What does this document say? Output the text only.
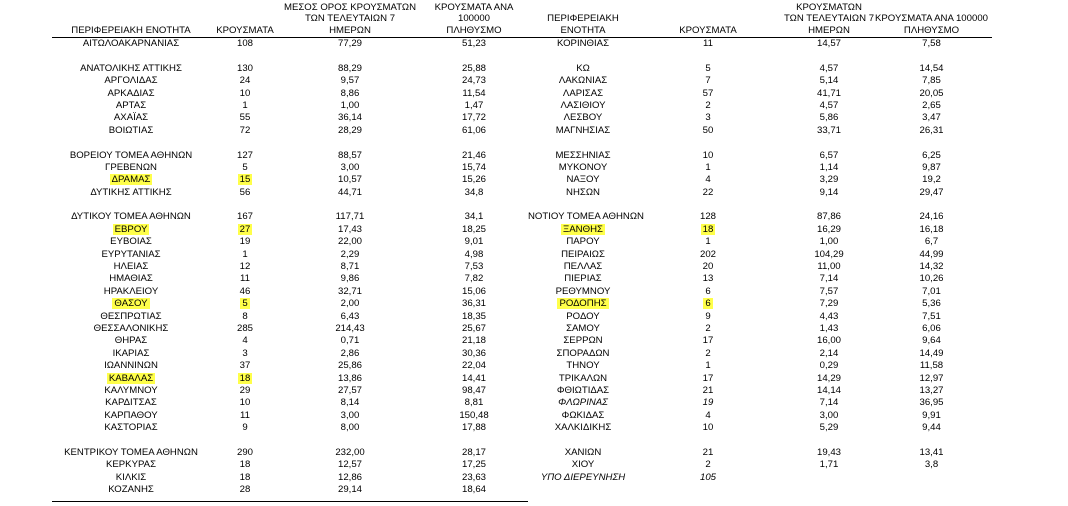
ΠΕΡΙΦΕΡΕΙΑΚΗ ΕΝΟΤΗΤΑ	ΚΡΟΥΣΜΑΤΑ
ΜΕΣΟΣ ΟΡΟΣ ΚΡΟΥΣΜΑΤΩΝ
ΤΩΝ ΤΕΛΕΥΤΑΙΩΝ 7
ΗΜΕΡΩΝ
ΚΡΟΥΣΜΑΤΑ ΑΝΑ 100000
ΠΛΗΘΥΣΜΟ
ΑΙΤΩΛΟΑΚΑΡΝΑΝΙΑΣ	108	77,29	51,23
ΑΝΑΤΟΛΙΚΗΣ ΑΤΤΙΚΗΣ	130	88,29	25,88
ΑΡΓΟΛΙΔΑΣ	24	9,57	24,73
ΑΡΚΑΔΙΑΣ	10	8,86	11,54
ΑΡΤΑΣ	1	1,00	1,47
ΑΧΑΪΑΣ	55	36,14	17,72
ΒΟΙΩΤΙΑΣ	72	28,29	61,06
ΒΟΡΕΙΟΥ ΤΟΜΕΑ ΑΘΗΝΩΝ	127	88,57	21,46
ΓΡΕΒΕΝΩΝ	5	3,00	15,74
ΔΡΑΜΑΣ	15	10,57	15,26
ΔΥΤΙΚΗΣ ΑΤΤΙΚΗΣ	56	44,71	34,8
ΔΥΤΙΚΟΥ ΤΟΜΕΑ ΑΘΗΝΩΝ	167	117,71	34,1
ΕΒΡΟΥ	27	17,43	18,25
ΕΥΒΟΙΑΣ	19	22,00	9,01
ΕΥΡΥΤΑΝΙΑΣ	1	2,29	4,98
ΗΛΕΙΑΣ	12	8,71	7,53
ΗΜΑΘΙΑΣ	11	9,86	7,82
ΗΡΑΚΛΕΙΟΥ	46	32,71	15,06
ΘΑΣΟΥ	5	2,00	36,31
ΘΕΣΠΡΩΤΙΑΣ	8	6,43	18,35
ΘΕΣΣΑΛΟΝΙΚΗΣ	285	214,43	25,67
ΘΗΡΑΣ	4	0,71	21,18
ΙΚΑΡΙΑΣ	3	2,86	30,36
ΙΩΑΝΝΙΝΩΝ	37	25,86	22,04
ΚΑΒΑΛΑΣ	18	13,86	14,41
ΚΑΛΥΜΝΟΥ	29	27,57	98,47
ΚΑΡΔΙΤΣΑΣ	10	8,14	8,81
ΚΑΡΠΑΘΟΥ	11	3,00	150,48
ΚΑΣΤΟΡΙΑΣ	9	8,00	17,88
ΚΕΝΤΡΙΚΟΥ ΤΟΜΕΑ ΑΘΗΝΩΝ	290	232,00	28,17
ΚΕΡΚΥΡΑΣ	18	12,57	17,25
ΚΙΛΚΙΣ	18	12,86	23,63
ΚΟΖΑΝΗΣ	28	29,14	18,64
ΠΕΡΙΦΕΡΕΙΑΚΗ ΕΝΟΤΗΤΑ	ΚΡΟΥΣΜΑΤΑ
ΚΡΟΥΣΜΑΤΩΝ
ΤΩΝ ΤΕΛΕΥΤΑΙΩΝ 7
ΗΜΕΡΩΝ
ΚΡΟΥΣΜΑΤΑ ΑΝΑ 100000
ΠΛΗΘΥΣΜΟ
ΚΟΡΙΝΘΙΑΣ	11	14,57	7,58
ΚΩ	5	4,57	14,54
ΛΑΚΩΝΙΑΣ	7	5,14	7,85
ΛΑΡΙΣΑΣ	57	41,71	20,05
ΛΑΣΙΘΙΟΥ	2	4,57	2,65
ΛΕΣΒΟΥ	3	5,86	3,47
ΜΑΓΝΗΣΙΑΣ	50	33,71	26,31
ΜΕΣΣΗΝΙΑΣ	10	6,57	6,25
ΜΥΚΟΝΟΥ	1	1,14	9,87
ΝΑΞΟΥ	4	3,29	19,2
ΝΗΣΩΝ	22	9,14	29,47
ΝΟΤΙΟΥ ΤΟΜΕΑ ΑΘΗΝΩΝ	128	87,86	24,16
ΞΑΝΘΗΣ	18	16,29	16,18
ΠΑΡΟΥ	1	1,00	6,7
ΠΕΙΡΑΙΩΣ	202	104,29	44,99
ΠΕΛΛΑΣ	20	11,00	14,32
ΠΙΕΡΙΑΣ	13	7,14	10,26
ΡΕΘΥΜΝΟΥ	6	7,57	7,01
ΡΟΔΟΠΗΣ	6	7,29	5,36
ΡΟΔΟΥ	9	4,43	7,51
ΣΑΜΟΥ	2	1,43	6,06
ΣΕΡΡΩΝ	17	16,00	9,64
ΣΠΟΡΑΔΩΝ	2	2,14	14,49
ΤΗΝΟΥ	1	0,29	11,58
ΤΡΙΚΑΛΩΝ	17	14,29	12,97
ΦΘΙΩΤΙΔΑΣ	21	14,14	13,27
ΦΛΩΡΙΝΑΣ	19	7,14	36,95
ΦΩΚΙΔΑΣ	4	3,00	9,91
ΧΑΛΚΙΔΙΚΗΣ	10	5,29	9,44
ΧΑΝΙΩΝ	21	19,43	13,41
ΧΙΟΥ	2	1,71	3,8
ΥΠΟ ΔΙΕΡΕΥΝΗΣΗ	105
